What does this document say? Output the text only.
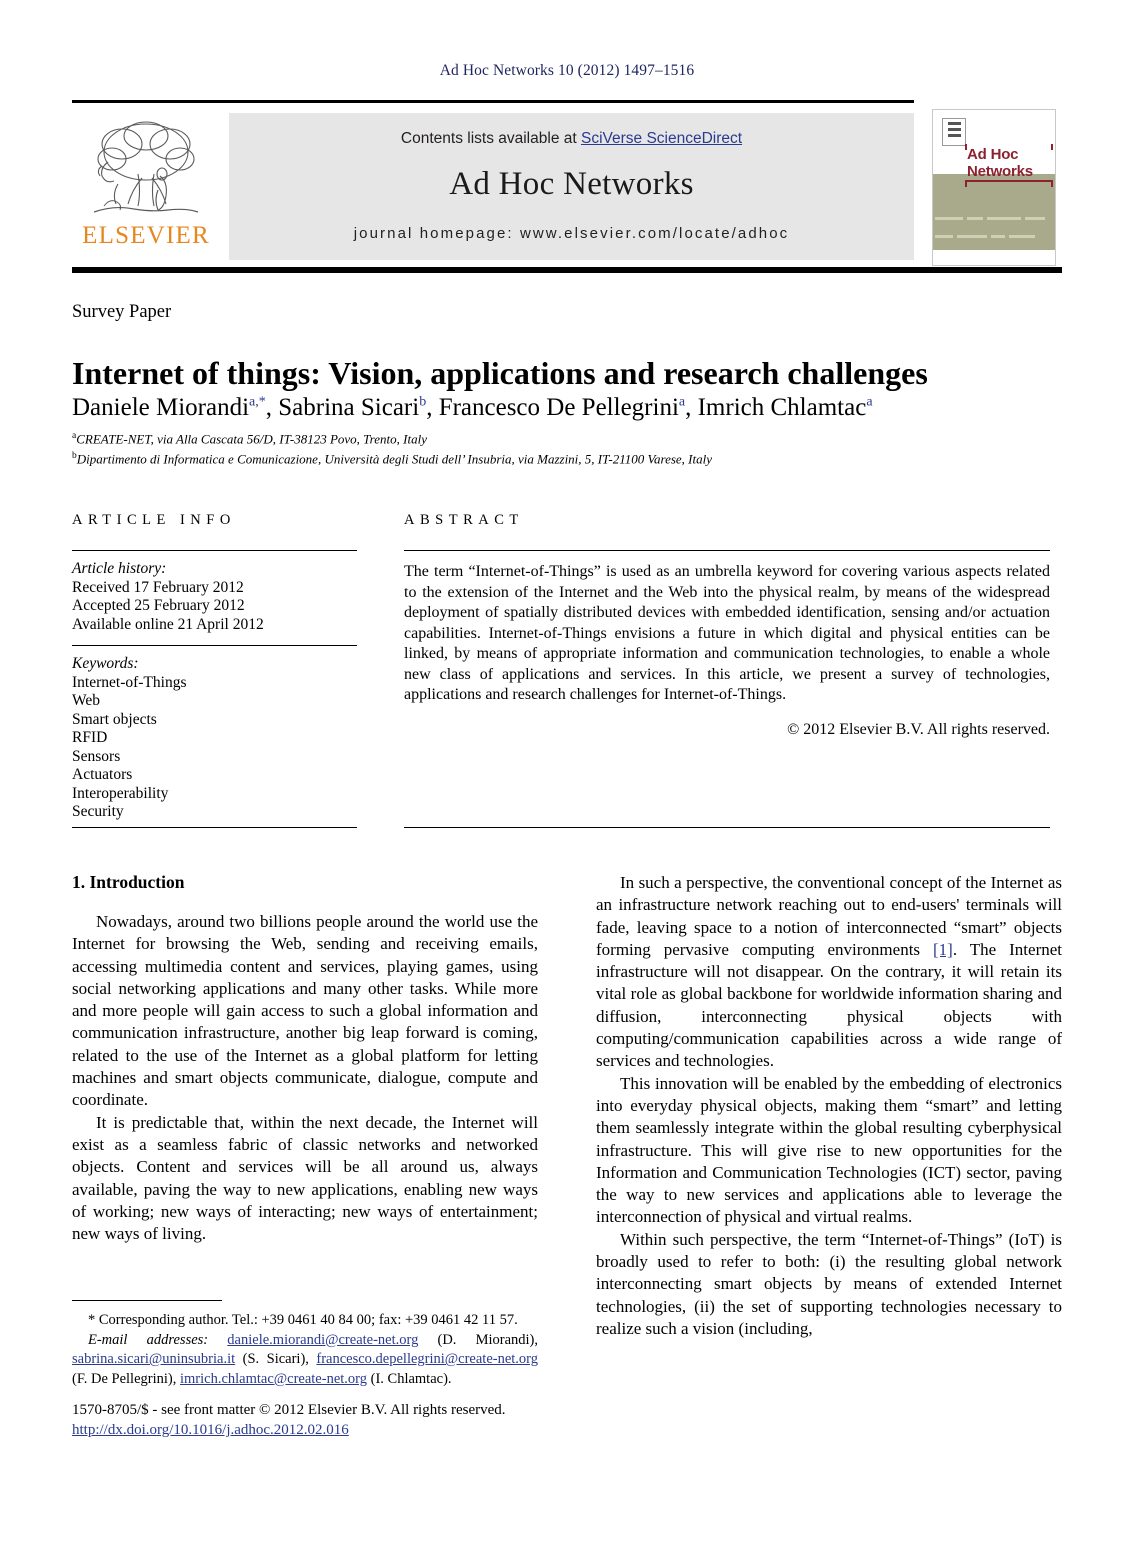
Ad Hoc Networks 10 (2012) 1497–1516
ELSEVIER
Contents lists available at SciVerse ScienceDirect
Ad Hoc Networks
journal homepage: www.elsevier.com/locate/adhoc
Ad Hoc
Networks

Survey Paper
Internet of things: Vision, applications and research challenges
Daniele Miorandi$^{a,*}$, Sabrina Sicari$^b$, Francesco De Pellegrini$^a$, Imrich Chlamtac$^a$
$^a$CREATE-NET, via Alla Cascata 56/D, IT-38123 Povo, Trento, Italy
$^b$Dipartimento di Informatica e Comunicazione, Università degli Studi dell’ Insubria, via Mazzini, 5, IT-21100 Varese, Italy
ARTICLE INFO
Article history:
Received 17 February 2012
Accepted 25 February 2012
Available online 21 April 2012
Keywords:
Internet-of-Things
Web
Smart objects
RFID
Sensors
Actuators
Interoperability
Security
ABSTRACT
The term “Internet-of-Things” is used as an umbrella keyword for covering various aspects related to the extension of the Internet and the Web into the physical realm, by means of the widespread deployment of spatially distributed devices with embedded identification, sensing and/or actuation capabilities. Internet-of-Things envisions a future in which digital and physical entities can be linked, by means of appropriate information and communication technologies, to enable a whole new class of applications and services. In this article, we present a survey of technologies, applications and research challenges for Internet-of-Things.
© 2012 Elsevier B.V. All rights reserved.
1. Introduction

Nowadays, around two billions people around the world use the Internet for browsing the Web, sending and receiving emails, accessing multimedia content and services, playing games, using social networking applications and many other tasks. While more and more people will gain access to such a global information and communication infrastructure, another big leap forward is coming, related to the use of the Internet as a global platform for letting machines and smart objects communicate, dialogue, compute and coordinate.

It is predictable that, within the next decade, the Internet will exist as a seamless fabric of classic networks and networked objects. Content and services will be all around us, always available, paving the way to new applications, enabling new ways of working; new ways of interacting; new ways of entertainment; new ways of living.

In such a perspective, the conventional concept of the Internet as an infrastructure network reaching out to end-users' terminals will fade, leaving space to a notion of interconnected “smart” objects forming pervasive computing environments [1]. The Internet infrastructure will not disappear. On the contrary, it will retain its vital role as global backbone for worldwide information sharing and diffusion, interconnecting physical objects with computing/communication capabilities across a wide range of services and technologies.

This innovation will be enabled by the embedding of electronics into everyday physical objects, making them “smart” and letting them seamlessly integrate within the global resulting cyberphysical infrastructure. This will give rise to new opportunities for the Information and Communication Technologies (ICT) sector, paving the way to new services and applications able to leverage the interconnection of physical and virtual realms.

Within such perspective, the term “Internet-of-Things” (IoT) is broadly used to refer to both: (i) the resulting global network interconnecting smart objects by means of extended Internet technologies, (ii) the set of supporting technologies necessary to realize such a vision (including,

* Corresponding author. Tel.: +39 0461 40 84 00; fax: +39 0461 42 11 57.
E-mail addresses: daniele.miorandi@create-net.org (D. Miorandi), sabrina.sicari@uninsubria.it (S. Sicari), francesco.depellegrini@create-net.org (F. De Pellegrini), imrich.chlamtac@create-net.org (I. Chlamtac).
1570-8705/$ - see front matter © 2012 Elsevier B.V. All rights reserved.
http://dx.doi.org/10.1016/j.adhoc.2012.02.016
